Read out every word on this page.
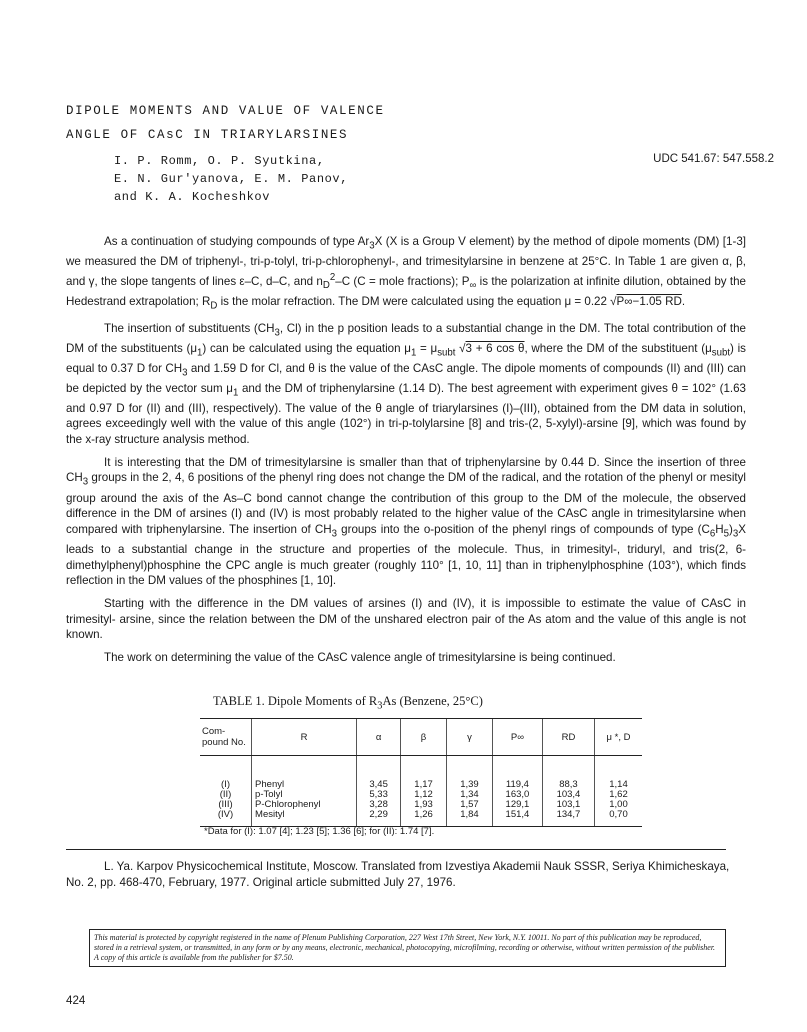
DIPOLE MOMENTS AND VALUE OF VALENCE
ANGLE OF CAsC IN TRIARYLARSINES
I. P. Romm, O. P. Syutkina,
E. N. Gur'yanova, E. M. Panov,
and K. A. Kocheshkov
UDC 541.67: 547.558.2

As a continuation of studying compounds of type $Ar_3X$ (X is a Group V element) by the method of dipole moments (DM) [1-3] we measured the DM of triphenyl-, tri-p-tolyl, tri-p-chlorophenyl-, and trimesitylarsine in benzene at 25°C. In Table 1 are given α, β, and γ, the slope tangents of lines ε–C, d–C, and $n_D^2-C$ (C = mole fractions); $P_\infty$ is the polarization at infinite dilution, obtained by the Hedestrand extrapolation; $R_D$ is the molar refraction. The DM were calculated using the equation μ = 0.22 √P∞−1.05 RD.

The insertion of substituents ($CH_3$, Cl) in the p position leads to a substantial change in the DM. The total contribution of the DM of the substituents $(\mu_1)$ can be calculated using the equation $\mu_1 = \mu_{subt}$ √3 + 6 cos θ, where the DM of the substituent $(\mu_{subt})$ is equal to 0.37 D for $CH_3$ and 1.59 D for Cl, and θ is the value of the CAsC angle. The dipole moments of compounds (II) and (III) can be depicted by the vector sum $\mu_1$ and the DM of triphenylarsine (1.14 D). The best agreement with experiment gives θ = 102° (1.63 and 0.97 D for (II) and (III), respectively). The value of the θ angle of triarylarsines (I)–(III), obtained from the DM data in solution, agrees exceedingly well with the value of this angle (102°) in tri-p-tolylarsine [8] and tris-(2, 5-xylyl)-arsine [9], which was found by the x-ray structure analysis method.

It is interesting that the DM of trimesitylarsine is smaller than that of triphenylarsine by 0.44 D. Since the insertion of three $CH_3$ groups in the 2, 4, 6 positions of the phenyl ring does not change the DM of the radical, and the rotation of the phenyl or mesityl group around the axis of the As–C bond cannot change the contribution of this group to the DM of the molecule, the observed difference in the DM of arsines (I) and (IV) is most probably related to the higher value of the CAsC angle in trimesitylarsine when compared with triphenylarsine. The insertion of $CH_3$ groups into the o-position of the phenyl rings of compounds of type $(C_6H_5)_3X$ leads to a substantial change in the structure and properties of the molecule. Thus, in trimesityl-, triduryl, and tris(2, 6-dimethylphenyl)phosphine the CPC angle is much greater (roughly 110° [1, 10, 11] than in triphenylphosphine (103°), which finds reflection in the DM values of the phosphines [1, 10].

Starting with the difference in the DM values of arsines (I) and (IV), it is impossible to estimate the value of CAsC in trimesityl- arsine, since the relation between the DM of the unshared electron pair of the As atom and the value of this angle is not known.

The work on determining the value of the CAsC valence angle of trimesitylarsine is being continued.

TABLE 1. Dipole Moments of $R_3As$ (Benzene, 25°C)
Com- pound No.	R	α	β	γ	P∞	RD	μ *, D
(I)	Phenyl	3,45	1,17	1,39	119,4	88,3	1,14
(II)	p-Tolyl	5,33	1,12	1,34	163,0	103,4	1,62
(III)	P-Chlorophenyl	3,28	1,93	1,57	129,1	103,1	1,00
(IV)	Mesityl	2,29	1,26	1,84	151,4	134,7	0,70
*Data for (I): 1.07 [4]; 1.23 [5]; 1.36 [6]; for (II): 1.74 [7].
L. Ya. Karpov Physicochemical Institute, Moscow. Translated from Izvestiya Akademii Nauk SSSR, Seriya Khimicheskaya, No. 2, pp. 468-470, February, 1977. Original article submitted July 27, 1976.
This material is protected by copyright registered in the name of Plenum Publishing Corporation, 227 West 17th Street, New York, N.Y. 10011. No part of this publication may be reproduced, stored in a retrieval system, or transmitted, in any form or by any means, electronic, mechanical, photocopying, microfilming, recording or otherwise, without written permission of the publisher. A copy of this article is available from the publisher for $7.50.
424
